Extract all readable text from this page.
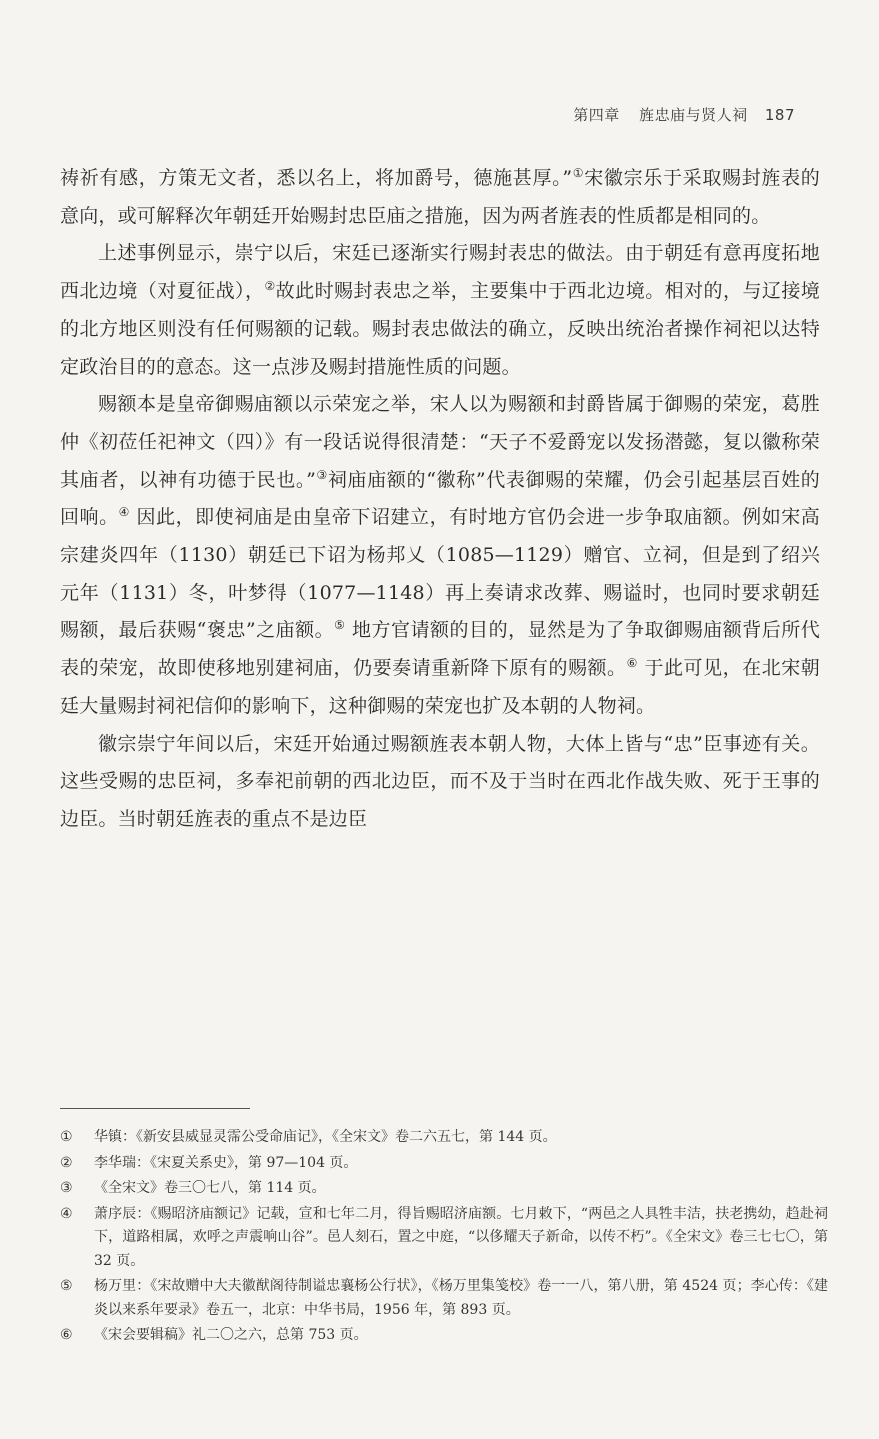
第四章 旌忠庙与贤人祠 187

祷祈有感，方策无文者，悉以名上，将加爵号，德施甚厚。”①宋徽宗乐于采取赐封旌表的意向，或可解释次年朝廷开始赐封忠臣庙之措施，因为两者旌表的性质都是相同的。

上述事例显示，崇宁以后，宋廷已逐渐实行赐封表忠的做法。由于朝廷有意再度拓地西北边境（对夏征战），②故此时赐封表忠之举，主要集中于西北边境。相对的，与辽接境的北方地区则没有任何赐额的记载。赐封表忠做法的确立，反映出统治者操作祠祀以达特定政治目的的意态。这一点涉及赐封措施性质的问题。

赐额本是皇帝御赐庙额以示荣宠之举，宋人以为赐额和封爵皆属于御赐的荣宠，葛胜仲《初莅任祀神文（四）》有一段话说得很清楚：“天子不爱爵宠以发扬潜懿，复以徽称荣其庙者，以神有功德于民也。”③祠庙庙额的“徽称”代表御赐的荣耀，仍会引起基层百姓的回响。④ 因此，即使祠庙是由皇帝下诏建立，有时地方官仍会进一步争取庙额。例如宋高宗建炎四年（1130）朝廷已下诏为杨邦乂（1085—1129）赠官、立祠，但是到了绍兴元年（1131）冬，叶梦得（1077—1148）再上奏请求改葬、赐谥时，也同时要求朝廷赐额，最后获赐“褒忠”之庙额。⑤ 地方官请额的目的，显然是为了争取御赐庙额背后所代表的荣宠，故即使移地别建祠庙，仍要奏请重新降下原有的赐额。⑥ 于此可见，在北宋朝廷大量赐封祠祀信仰的影响下，这种御赐的荣宠也扩及本朝的人物祠。

徽宗崇宁年间以后，宋廷开始通过赐额旌表本朝人物，大体上皆与“忠”臣事迹有关。这些受赐的忠臣祠，多奉祀前朝的西北边臣，而不及于当时在西北作战失败、死于王事的边臣。当时朝廷旌表的重点不是边臣

①	华镇：《新安县威显灵霈公受命庙记》，《全宋文》卷二六五七，第 144 页。
②	李华瑞：《宋夏关系史》，第 97—104 页。
③	《全宋文》卷三〇七八，第 114 页。
④	萧序辰：《赐昭济庙额记》记载，宣和七年二月，得旨赐昭济庙额。七月敕下，“两邑之人具牲丰洁，扶老携幼，趋赴祠下，道路相属，欢呼之声震响山谷”。邑人刻石，置之中庭，“以侈耀天子新命，以传不朽”。《全宋文》卷三七七〇，第 32 页。
⑤	杨万里：《宋故赠中大夫徽猷阁待制谥忠襄杨公行状》，《杨万里集笺校》卷一一八，第八册，第 4524 页；李心传：《建炎以来系年要录》卷五一，北京：中华书局，1956 年，第 893 页。
⑥	《宋会要辑稿》礼二〇之六，总第 753 页。
